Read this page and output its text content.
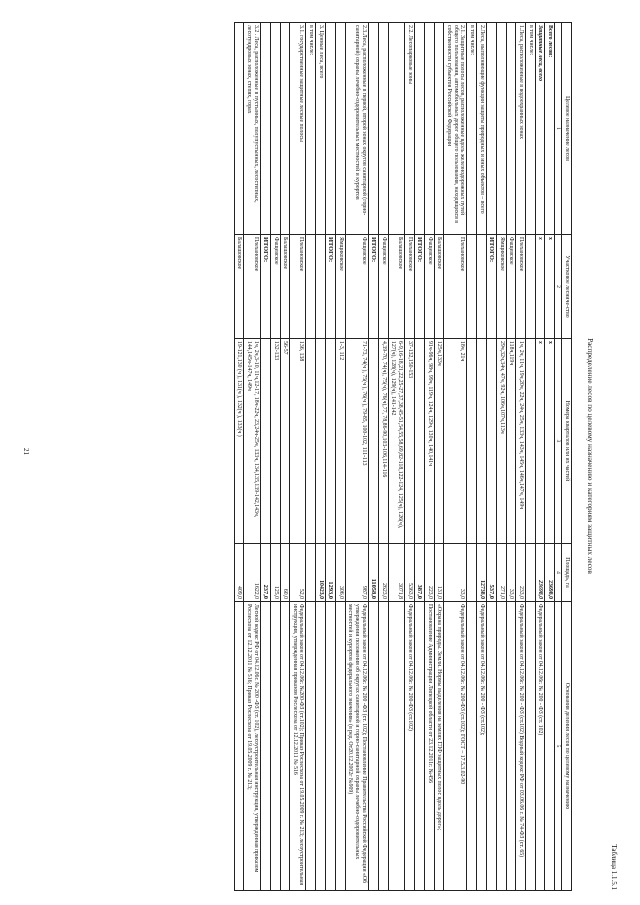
21
Таблица 1.1.5.1
Распределение лесов по целевому назначению и категориям защитных лесов
Целевое назначение лесов	Участковое лесниче-ство	Номера кварталов или их частей	Площадь, га	Основания деления лесов по целевому назначению
1	2	3	4	5
Всего лесов:	x	x	23698,0	
Защитные леса, всего	x	x	23698,0	Федеральный закон от 04.12.06г. № 200 - ФЗ (ст. 102)
в том числе:				
1.Леса, расположенные в водоохранных зонах	Плехановское	1ч, 2ч, 11ч, 19ч,20ч, 22ч, 24ч, 25ч, 133ч, 143ч, 145ч, 146ч,147ч, 149ч	233,0	Федеральный закон от 04.12.06г. № 200 - ФЗ (ст.102) Водный кодекс РФ от 03.06.06 г. № 74-ФЗ (ст. 65)
	Фащевское	118ч,119ч	33,0	
	Ямщиковское	29ч,32ч,34ч, 47ч, 92ч, 106ч,107ч,113ч	271,0	
	ИТОГО:		537,0	
2.Леса, выполняющие функции защиты природных и иных объектов – всего			12738,0	Федеральный закон от 04.12.06г. № 200 - ФЗ (ст.102);
в том числе:				
2.1. Защитные полосы лесов, расположенные вдоль железнодорожных путей общего пользования, автомобильных дорог общего пользования, находящихся в собственности субъектов Российской Федерации	Плехановское	18ч, 21ч	33,0	Федеральный закон от 04.12.06г. № 200-ФЗ (ст.102); ГОСТ – 17.5.3.02-90
	Балашовское	125ч,133ч	131,0	«Охрана природы. Земли. Нормы выделения на землях ГЛФ защитных полос вдоль дорог»;
	Фащевское	91ч-96ч, 98ч, 99ч, 119ч, 124ч, 129ч, 130ч, 140,141ч	223,0	Постановление Администрации Липецкой области от 23.12.2011г. №456
	ИТОГО:		387,0	
2.2. Лесопарковые зоны	Плехановское	37-132,150-153	5363,0	Федеральный закон от 04.12.06г. № 200-ФЗ (ст.102)
	Балашовское	6-9,16-18,21,22,25-27,37,38,45-51,54,55,58,69,82-118,122-124, 125(ч), 126(ч), 127(ч), 128(ч), 129(ч), 141-142	3071,8	
	Фащевское	4,39-70, 74(ч), 75(ч), 76(ч),77, 78,86-90,103-106,114-116	2623,0	
	ИТОГО:		11058,0	
2.3.Леса, расположенные в первой, второй зонах округов санитарной (горно- санитарной) охраны лечебно-оздоровительных местностей и курортов	Фащевское	71-73, 74(ч ), 75(ч ), 76(ч ), 79-85, 100-102, 111-113	987,0	Федеральный закон от 04.12.06г. № 200 -ФЗ (ст. 102); Постановление Правительства Российской Федерации «Об утверждении положения об округах санитарной и горно-санитарной охраны лечебно-оздоровительных местностей и курортов федерального значения» (в ред. От20.12.2002г №909)
	Ямщиковское	1-3, 112	306,0	
	ИТОГО:		1293,0	
3. Ценные леса, всего			10423,0	
в том числе:				
3.1. государственные защитные лесные полосы	Плехановское	136, 138	52,0	Федеральный закон от 04.12.06г. №200-ФЗ (ст.102); Приказ Рослесхоза от 19.05.2009 г. № 213; лесоустроительная инструкция, утвержденная приказом Рослесхоза от 12.12.2011 № 516
	Балашовское	56-57	60,0	
	Фащевское	132-133	125,0	
	ИТОГО:		237,0	
3.2 . Леса, расположенные в пустынных, полупустынных, лесостепных, лесотундровых зонах, степях, горах	Плехановское	1ч, 2ч,3-10, 11ч,12-17, 18ч-22ч, 23,24ч-25ч, 133ч, 134,135,139-142,143ч, 144,145ч-147ч, 149ч	1622,0	Лесной кодекс РФ от 04.12.06г. № 200 -ФЗ (ст. 102), лесоустроительная инструкция, утвержденная приказом Рослесхоза от 12.12.2011 № 516; Приказ Рослесхоза от 19.05.2009 г. № 213;
	Балашовское	19-121,130 (ч ), 131(ч ), 132(ч ), 133(ч )	409,0	
